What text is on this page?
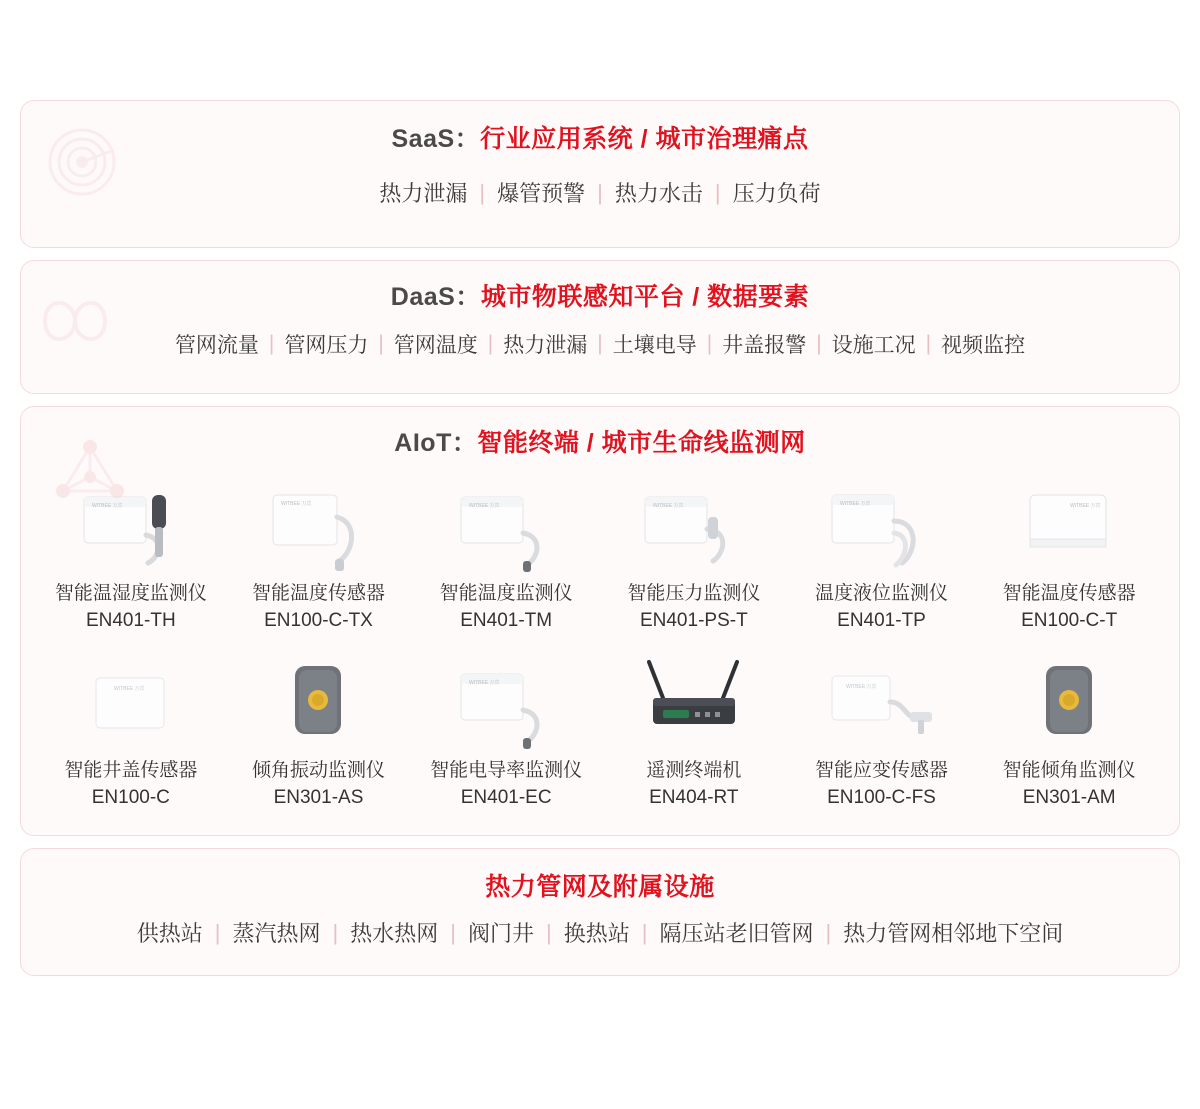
SaaS：行业应用系统 / 城市治理痛点
热力泄漏 | 爆管预警 | 热力水击 | 压力负荷
DaaS：城市物联感知平台 / 数据要素
管网流量 | 管网压力 | 管网温度 | 热力泄漏 | 土壤电导 | 井盖报警 | 设施工况 | 视频监控
AIoT：智能终端 / 城市生命线监测网
WITBEE 万宾
智能温湿度监测仪
EN401-TH
WITBEE 万宾
智能温度传感器
EN100-C-TX
WITBEE 万宾
智能温度监测仪
EN401-TM
WITBEE 万宾
智能压力监测仪
EN401-PS-T
WITBEE 万宾
温度液位监测仪
EN401-TP
WITBEE 万宾
智能温度传感器
EN100-C-T
WITBEE 万宾
智能井盖传感器
EN100-C
倾角振动监测仪
EN301-AS
WITBEE 万宾
智能电导率监测仪
EN401-EC
遥测终端机
EN404-RT
WITBEE 万宾
智能应变传感器
EN100-C-FS
智能倾角监测仪
EN301-AM
热力管网及附属设施
供热站 | 蒸汽热网 | 热水热网 | 阀门井 | 换热站 | 隔压站老旧管网 | 热力管网相邻地下空间
